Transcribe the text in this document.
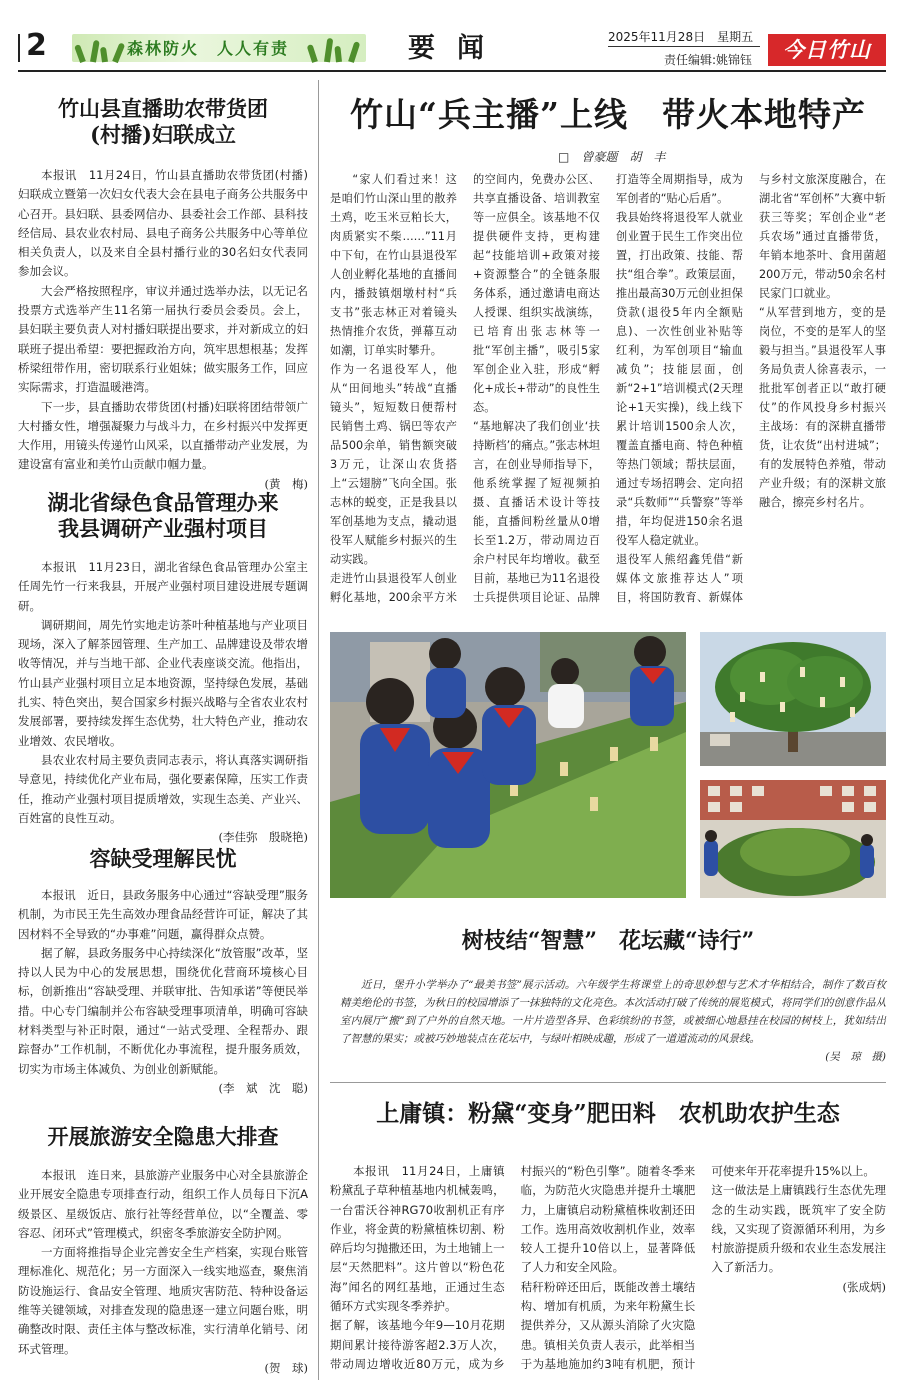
2	森林防火　人人有责	要闻	2025年11月28日　星期五
责任编辑:姚锦钰	今日竹山
竹山县直播助农带货团
(村播)妇联成立

本报讯　11月24日，竹山县直播助农带货团(村播)妇联成立暨第一次妇女代表大会在县电子商务公共服务中心召开。县妇联、县委网信办、县委社会工作部、县科技经信局、县农业农村局、县电子商务公共服务中心等单位相关负责人，以及来自全县村播行业的30名妇女代表同参加会议。

大会严格按照程序，审议并通过选举办法，以无记名投票方式选举产生11名第一届执行委员会委员。会上，县妇联主要负责人对村播妇联提出要求，并对新成立的妇联班子提出希望：要把握政治方向，筑牢思想根基；发挥桥梁纽带作用，密切联系行业姐妹；做实服务工作，回应实际需求，打造温暖港湾。

下一步，县直播助农带货团(村播)妇联将团结带领广大村播女性，增强凝聚力与战斗力，在乡村振兴中发挥更大作用，用镜头传递竹山风采，以直播带动产业发展，为建设富有富业和美竹山贡献巾帼力量。

(黄　梅)
湖北省绿色食品管理办来
我县调研产业强村项目

本报讯　11月23日，湖北省绿色食品管理办公室主任周先竹一行来我县，开展产业强村项目建设进展专题调研。

调研期间，周先竹实地走访茶叶种植基地与产业项目现场，深入了解茶园管理、生产加工、品牌建设及带农增收等情况，并与当地干部、企业代表座谈交流。他指出，竹山县产业强村项目立足本地资源，坚持绿色发展，基础扎实、特色突出，契合国家乡村振兴战略与全省农业农村发展部署，要持续发挥生态优势，壮大特色产业，推动农业增效、农民增收。

县农业农村局主要负责同志表示，将认真落实调研指导意见，持续优化产业布局，强化要素保障，压实工作责任，推动产业强村项目提质增效，实现生态美、产业兴、百姓富的良性互动。

(李佳弥　殷晓艳)
容缺受理解民忧

本报讯　近日，县政务服务中心通过“容缺受理”服务机制，为市民王先生高效办理食品经营许可证，解决了其因材料不全导致的“办事难”问题，赢得群众点赞。

据了解，县政务服务中心持续深化“放管服”改革，坚持以人民为中心的发展思想，围绕优化营商环境核心目标，创新推出“容缺受理、并联审批、告知承诺”等便民举措。中心专门编制并公布容缺受理事项清单，明确可容缺材料类型与补正时限，通过“一站式受理、全程帮办、跟踪督办”工作机制，不断优化办事流程，提升服务质效，切实为市场主体减负、为创业创新赋能。

(李　斌　沈　聪)
开展旅游安全隐患大排查

本报讯　连日来，县旅游产业服务中心对全县旅游企业开展安全隐患专项排查行动，组织工作人员每日下沉A级景区、星级饭店、旅行社等经营单位，以“全覆盖、零容忍、闭环式”管理模式，织密冬季旅游安全防护网。

一方面将推指导企业完善安全生产档案，实现台账管理标准化、规范化；另一方面深入一线实地巡查，聚焦消防设施运行、食品安全管理、地质灾害防范、特种设备运维等关键领域，对排查发现的隐患逐一建立问题台账，明确整改时限、责任主体与整改标准，实行清单化销号、闭环式管理。

(贺　球)
竹山“兵主播”上线　带火本地特产
□　曾豪题　胡　丰
“家人们看过来！这是咱们竹山深山里的散养土鸡，吃玉米豆粕长大，肉质紧实不柴……”11月中下旬，在竹山县退役军人创业孵化基地的直播间内，播鼓镇烟墩村村“兵支书”张志林正对着镜头热情推介农货，弹幕互动如潮，订单实时攀升。
作为一名退役军人，他从“田间地头”转战“直播镜头”，短短数日便帮村民销售土鸡、锅巴等农产品500余单，销售额突破3万元，让深山农货搭上“云翅膀”飞向全国。张志林的蜕变，正是我县以军创基地为支点，撬动退役军人赋能乡村振兴的生动实践。
走进竹山县退役军人创业孵化基地，200余平方米的空间内，免费办公区、共享直播设备、培训教室等一应俱全。该基地不仅提供硬件支持，更构建起“技能培训+政策对接+资源整合”的全链条服务体系，通过邀请电商达人授课、组织实战演练，已培育出张志林等一批“军创主播”，吸引5家军创企业入驻，形成“孵化+成长+带动”的良性生态。
“基地解决了我们创业‘扶持断档’的痛点。”张志林坦言，在创业导师指导下，他系统掌握了短视频拍摄、直播话术设计等技能，直播间粉丝量从0增长至1.2万，带动周边百余户村民年均增收。截至目前，基地已为11名退役士兵提供项目论证、品牌打造等全周期指导，成为军创者的“贴心后盾”。
我县始终将退役军人就业创业置于民生工作突出位置，打出政策、技能、帮扶“组合拳”。政策层面，推出最高30万元创业担保贷款(退役5年内全额贴息)、一次性创业补贴等红利，为军创项目“输血减负”；技能层面，创新“2+1”培训模式(2天理论+1天实操)，线上线下累计培训1500余人次，覆盖直播电商、特色种植等热门领域；帮扶层面，通过专场招聘会、定向招录“兵数师”“兵警察”等举措，年均促进150余名退役军人稳定就业。
退役军人熊绍鑫凭借“新媒体文旅推荐达人”项目，将国防教育、新媒体与乡村文旅深度融合，在湖北省“军创杯”大赛中斩获三等奖；军创企业“老兵农场”通过直播带货，年销本地茶叶、食用菌超200万元，带动50余名村民家门口就业。
“从军营到地方，变的是岗位，不变的是军人的坚毅与担当。”县退役军人事务局负责人徐喜表示，一批批军创者正以“敢打硬仗”的作风投身乡村振兴主战场：有的深耕直播带货，让农货“出村进城”；有的发展特色养殖，带动产业升级；有的深耕文旅融合，擦亮乡村名片。
树枝结“智慧”　花坛藏“诗行”

近日，堡升小学举办了“最美书签”展示活动。六年级学生将课堂上的奇思妙想与艺术才华相结合，制作了数百枚精美绝伦的书签，为秋日的校园增添了一抹独特的文化亮色。本次活动打破了传统的展览模式，将同学们的创意作品从室内展厅“搬”到了户外的自然天地。一片片造型各异、色彩缤纷的书签，或被细心地悬挂在校园的树枝上，犹如结出了智慧的果实；或被巧妙地装点在花坛中，与绿叶相映成趣，形成了一道道流动的风景线。

(吴　琼　摄)
上庸镇：粉黛“变身”肥田料　农机助农护生态
本报讯　11月24日，上庸镇粉黛乱子草种植基地内机械轰鸣，一台雷沃谷神RG70收割机正有序作业，将金黄的粉黛植株切割、粉碎后均匀抛撒还田，为土地铺上一层“天然肥料”。这片曾以“粉色花海”闻名的网红基地，正通过生态循环方式实现冬季养护。
据了解，该基地今年9—10月花期期间累计接待游客超2.3万人次，带动周边增收近80万元，成为乡村振兴的“粉色引擎”。随着冬季来临，为防范火灾隐患并提升土壤肥力，上庸镇启动粉黛植株收割还田工作。选用高效收割机作业，效率较人工提升10倍以上，显著降低了人力和安全风险。
秸秆粉碎还田后，既能改善土壤结构、增加有机质，为来年粉黛生长提供养分，又从源头消除了火灾隐患。镇相关负责人表示，此举相当于为基地施加约3吨有机肥，预计可使来年开花率提升15%以上。
这一做法是上庸镇践行生态优先理念的生动实践，既筑牢了安全防线，又实现了资源循环利用，为乡村旅游提质升级和农业生态发展注入了新活力。
(张成炳)
